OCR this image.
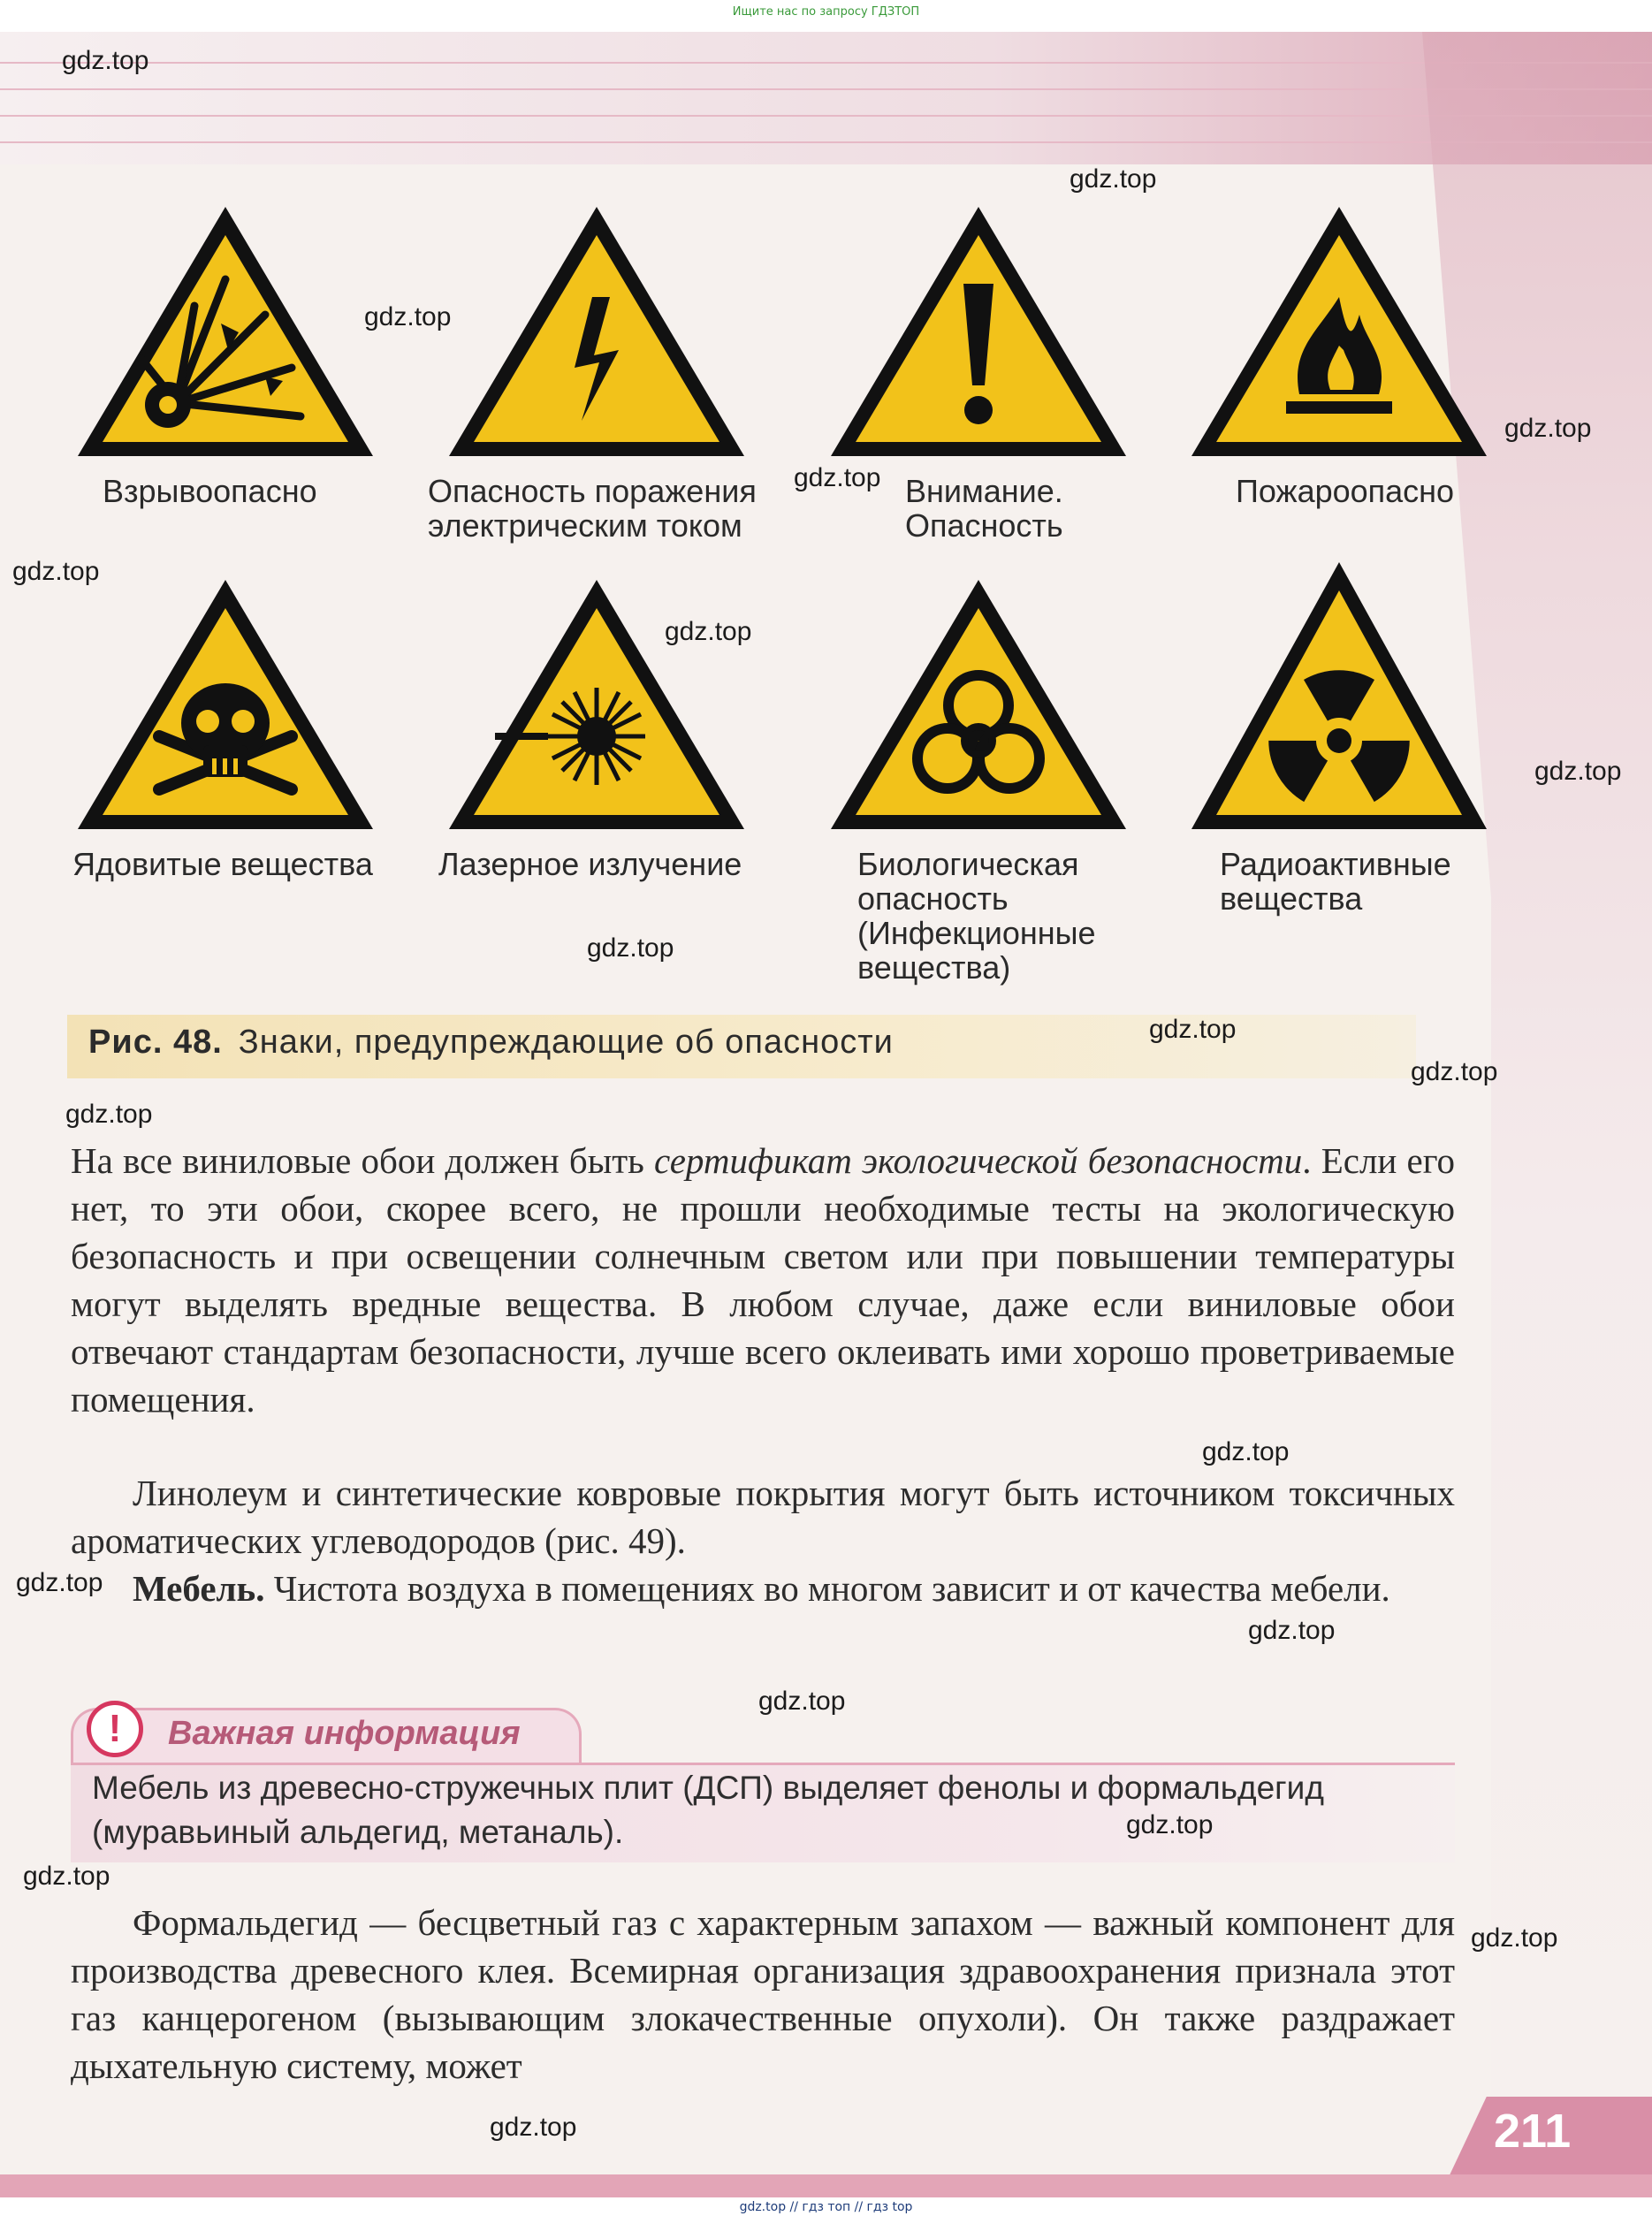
Ищите нас по запросу ГДЗТОП
Взрывоопасно	Опасность поражения
электрическим током
Внимание.
Опасность
Пожароопасно
Ядовитые вещества Лазерное излучение	Биологическая
опасность
(Инфекционные
вещества)
Радиоактивные
вещества
Рис. 48. Знаки, предупреждающие об опасности
На все виниловые обои должен быть сертификат экологической безопасности. Если его нет, то эти обои, скорее всего, не прошли необходимые тесты на экологическую безопасность и при освещении солнечным светом или при повышении температуры могут выделять вредные вещества. В любом случае, даже если виниловые обои отвечают стандартам безопасности, лучше всего оклеивать ими хорошо проветриваемые помещения.
Линолеум и синтетические ковровые покрытия могут быть источником токсичных ароматических углеводородов (рис. 49).
Мебель. Чистота воздуха в помещениях во многом зависит и от качества мебели.
!	Важная информация
Мебель из древесно-стружечных плит (ДСП) выделяет фенолы и формальдегид (муравьиный альдегид, метаналь).
Формальдегид — бесцветный газ с характерным запахом — важный компонент для производства древесного клея. Всемирная организация здравоохранения признала этот газ канцерогеном (вызывающим злокачественные опухоли). Он также раздражает дыхательную систему, может
211
gdz.top // гдз топ // гдз top
gdz.top
gdz.top
gdz.top
gdz.top
gdz.top
gdz.top
gdz.top
gdz.top
gdz.top
gdz.top
gdz.top
gdz.top
gdz.top
gdz.top
gdz.top
gdz.top
gdz.top
gdz.top
gdz.top
gdz.top
